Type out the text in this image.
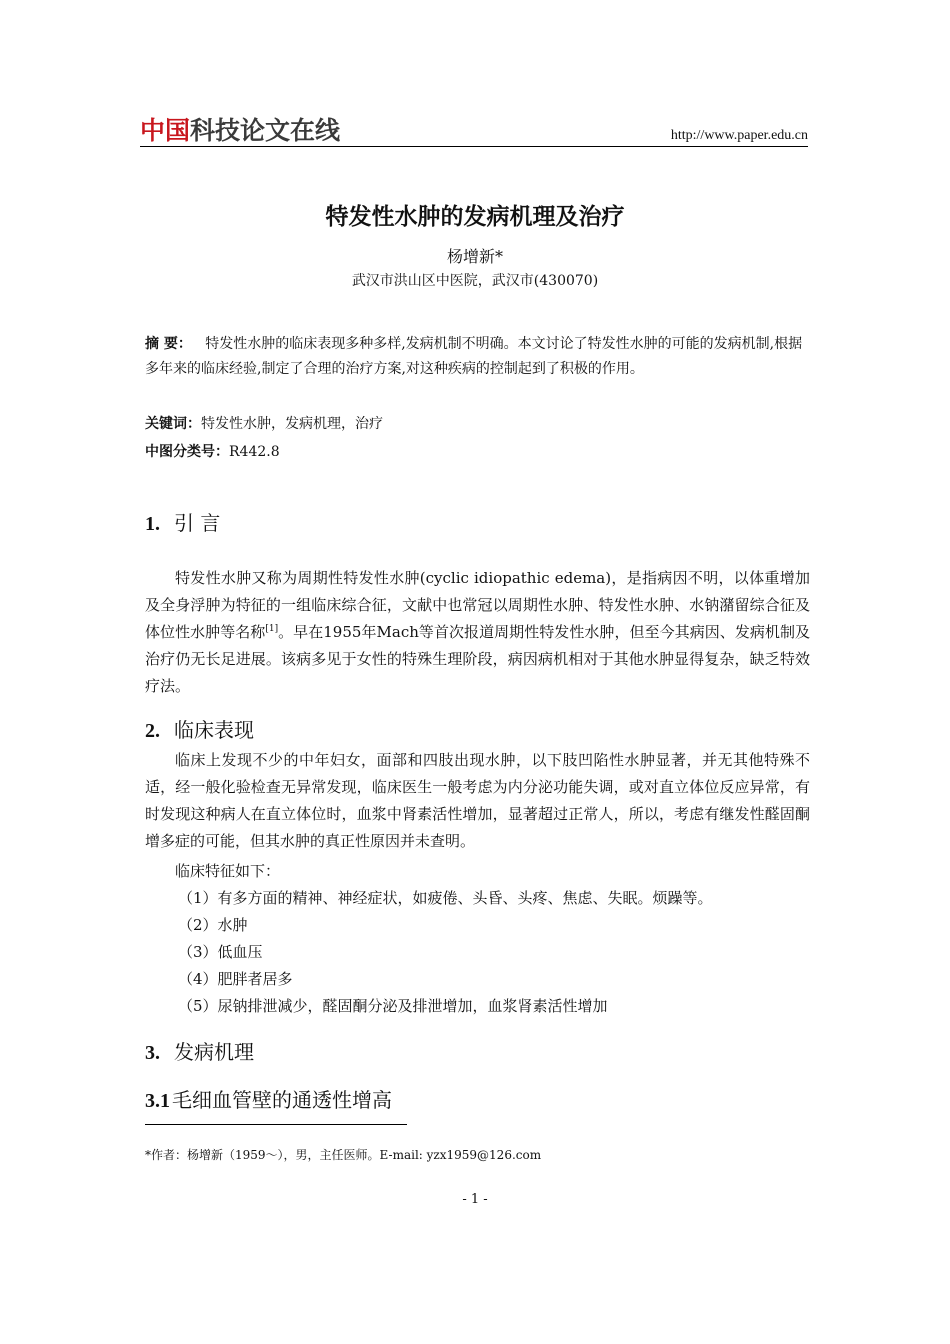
中国 科技论文在线	http://www.paper.edu.cn
特发性水肿的发病机理及治疗
杨增新*
武汉市洪山区中医院，武汉市(430070)
摘 要： 特发性水肿的临床表现多种多样,发病机制不明确。本文讨论了特发性水肿的可能的发病机制,根据多年来的临床经验,制定了合理的治疗方案,对这种疾病的控制起到了积极的作用。
关键词：特发性水肿，发病机理，治疗
中图分类号：R442.8
1. 引 言
特发性水肿又称为周期性特发性水肿(cyclic idiopathic edema)，是指病因不明，以体重增加及全身浮肿为特征的一组临床综合征，文献中也常冠以周期性水肿、特发性水肿、水钠潴留综合征及体位性水肿等名称[1]。早在1955年Mach等首次报道周期性特发性水肿，但至今其病因、发病机制及治疗仍无长足进展。该病多见于女性的特殊生理阶段，病因病机相对于其他水肿显得复杂，缺乏特效疗法。
2. 临床表现
临床上发现不少的中年妇女，面部和四肢出现水肿，以下肢凹陷性水肿显著，并无其他特殊不适，经一般化验检查无异常发现，临床医生一般考虑为内分泌功能失调，或对直立体位反应异常，有时发现这种病人在直立体位时，血浆中肾素活性增加，显著超过正常人，所以，考虑有继发性醛固酮增多症的可能，但其水肿的真正性原因并未查明。
临床特征如下：
（1）有多方面的精神、神经症状，如疲倦、头昏、头疼、焦虑、失眠。烦躁等。
（2）水肿
（3）低血压
（4）肥胖者居多
（5）尿钠排泄减少，醛固酮分泌及排泄增加，血浆肾素活性增加
3. 发病机理
3.1 毛细血管壁的通透性增高
*作者：杨增新（1959～），男，主任医师。E-mail: yzx1959@126.com
- 1 -
